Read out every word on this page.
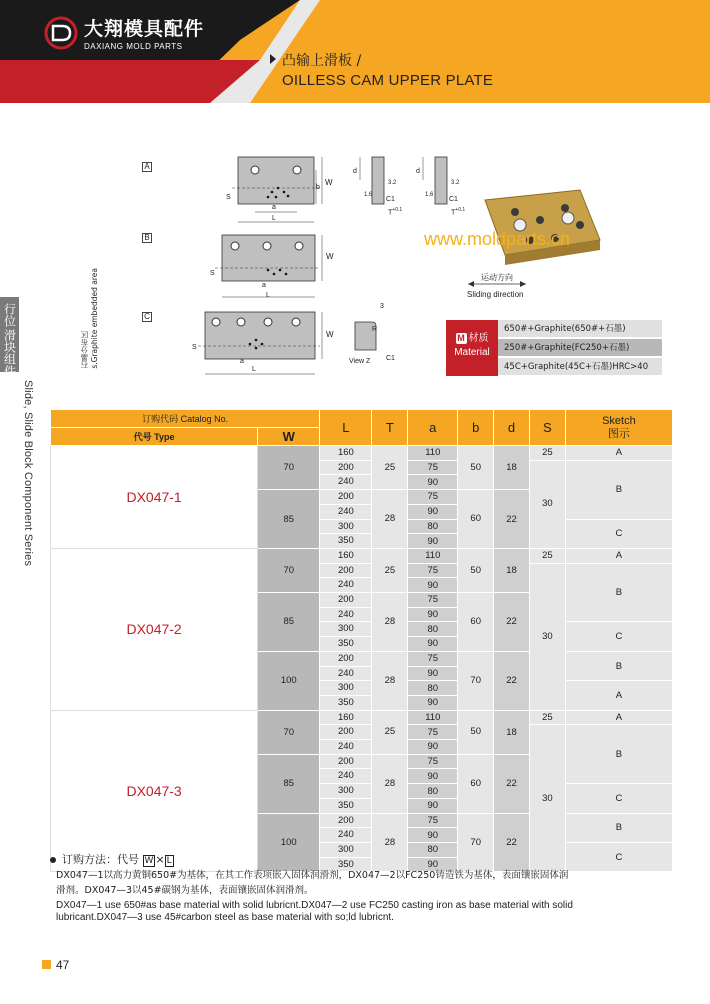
大翔模具配件
DAXIANG MOLD PARTS
凸输上滑板 /
OILLESS CAM UPPER PLATE
行位
滑块组件
Slide, Slide Block Component Series
A
B
C
a
L
W
b
S
d	d
1.6
3.2
1.6
3.2
C1	C1
$T^{+0.1}$	$T^{+0.1}$
a
L
W
S
a
L
W
S
3
R
View Z C1
石墨分布区 s.Graphite embedded area
www.moldparts.cn
运动方向
Sliding direction
M 材质
Material
650#+Graphite(650#+石墨)
250#+Graphite(FC250+石墨)
45C+Graphite(45C+石墨)HRC>40
订购代码 Catalog No.		L	T	a	b	d	S	Sketch
图示
代号 Type	W							
DX047-1	70	160	25	110	50	18	25	A
		200		75			30	B
		240		90				
	85	200	28	75	60	22		
		240		90				
		300		80				C
		350		90				
DX047-2	70	160	25	110	50	18	25	A
		200		75			30	B
		240		90				
	85	200	28	75	60	22		
		240		90				
		300		80				C
		350		90				
	100	200	28	75	70	22		B
		240		90				
		300		80				A
		350		90				
DX047-3	70	160	25	110	50	18	25	A
		200		75			30	B
		240		90				
	85	200	28	75	60	22		
		240		90				
		300		80				C
		350		90				
	100	200	28	75	70	22		B
		240		90				
		300		80				C
		350		90				
订购方法：代号 W × L
DX047—1以高力黄铜650#为基体，在其工作表项嵌入固体润滑剂，DX047—2以FC250铸造铁为基体，表面镶嵌固体润滑剂。DX047—3以45#碳钢为基体，表面镶嵌固体润滑剂。
DX047—1 use 650#as base material with solid lubricnt.DX047—2 use FC250 casting iron as base material with solid lubricant.DX047—3 use 45#carbon steel as base material with so;ld lubricnt.
47
